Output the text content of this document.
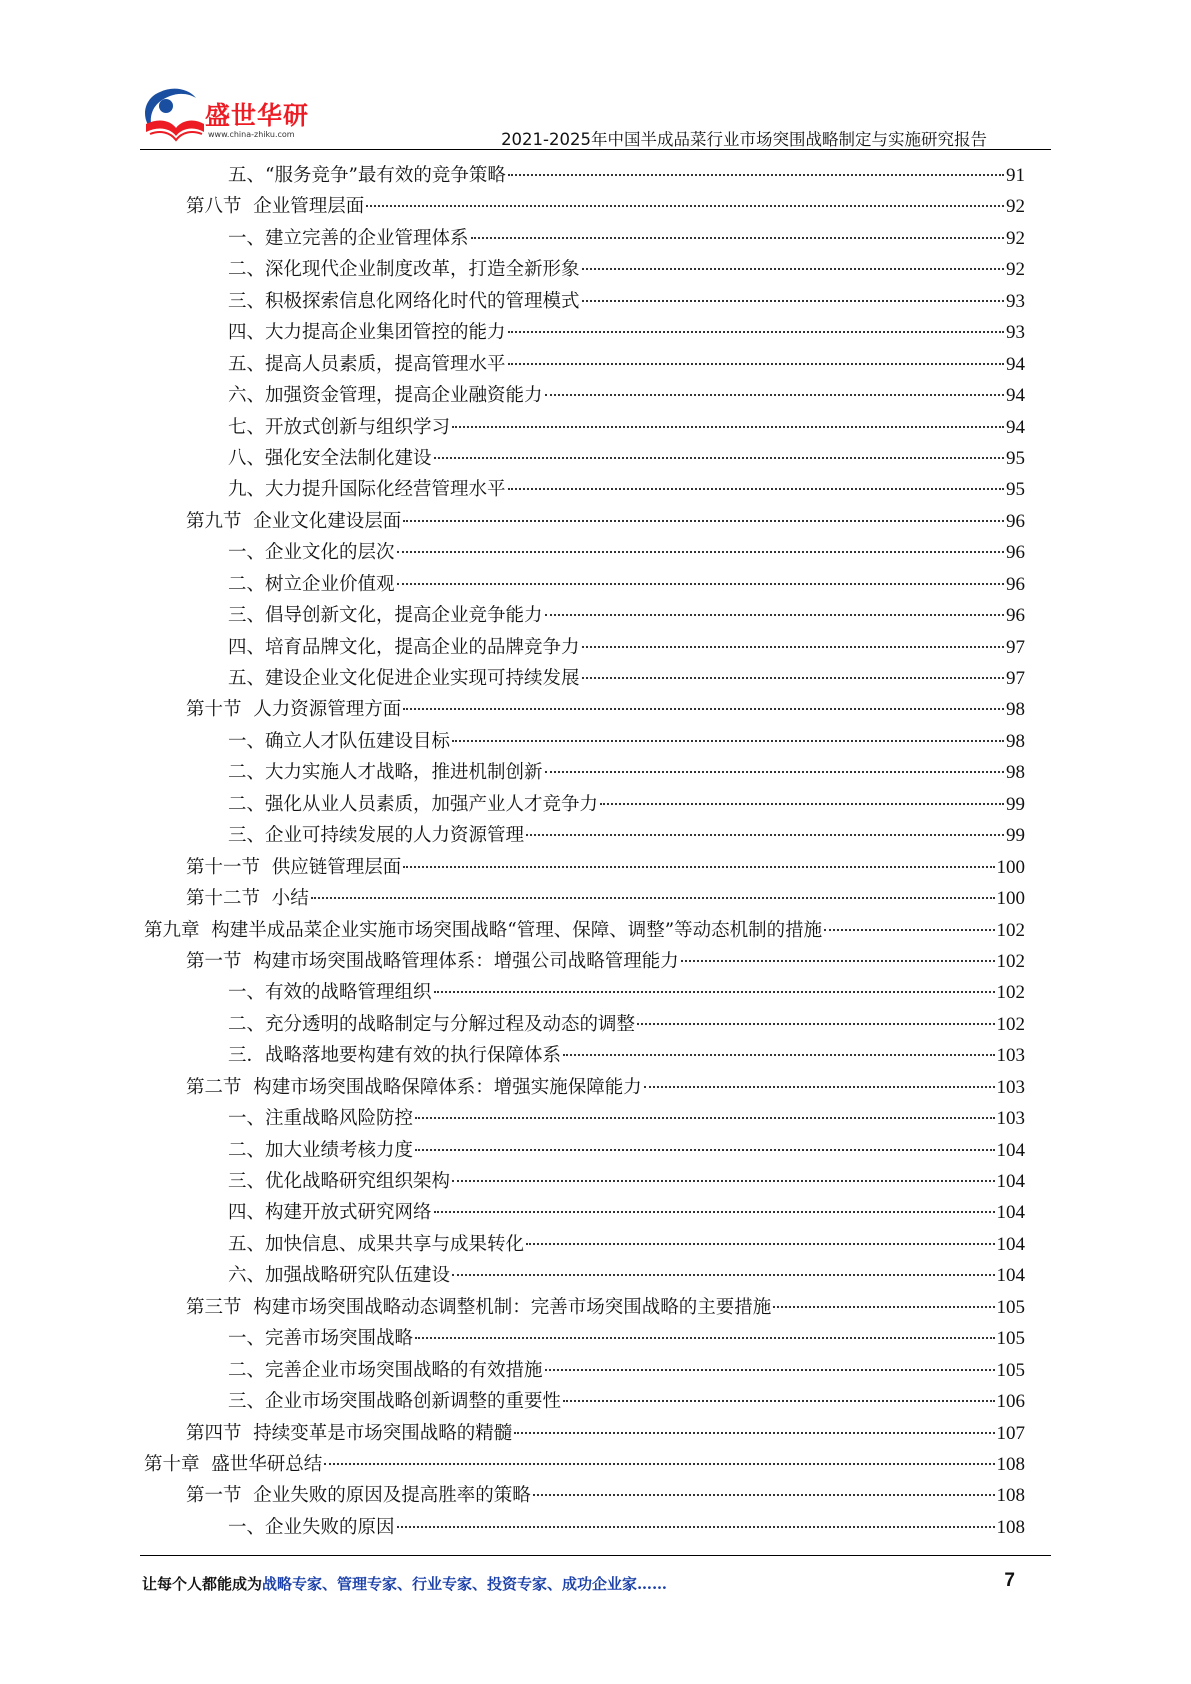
盛世华研
www.china-zhiku.com	2021-2025年中国半成品菜行业市场突围战略制定与实施研究报告
五、“服务竞争”最有效的竞争策略	91
第八节  企业管理层面	92
一、建立完善的企业管理体系	92
二、深化现代企业制度改革，打造全新形象	92
三、积极探索信息化网络化时代的管理模式	93
四、大力提高企业集团管控的能力	93
五、提高人员素质，提高管理水平	94
六、加强资金管理，提高企业融资能力	94
七、开放式创新与组织学习	94
八、强化安全法制化建设	95
九、大力提升国际化经营管理水平	95
第九节  企业文化建设层面	96
一、企业文化的层次	96
二、树立企业价值观	96
三、倡导创新文化，提高企业竞争能力	96
四、培育品牌文化，提高企业的品牌竞争力	97
五、建设企业文化促进企业实现可持续发展	97
第十节  人力资源管理方面	98
一、确立人才队伍建设目标	98
二、大力实施人才战略，推进机制创新	98
二、强化从业人员素质，加强产业人才竞争力	99
三、企业可持续发展的人力资源管理	99
第十一节  供应链管理层面	100
第十二节  小结	100
第九章  构建半成品菜企业实施市场突围战略“管理、保障、调整”等动态机制的措施	102
第一节  构建市场突围战略管理体系：增强公司战略管理能力	102
一、有效的战略管理组织	102
二、充分透明的战略制定与分解过程及动态的调整	102
三．战略落地要构建有效的执行保障体系	103
第二节  构建市场突围战略保障体系：增强实施保障能力	103
一、注重战略风险防控	103
二、加大业绩考核力度	104
三、优化战略研究组织架构	104
四、构建开放式研究网络	104
五、加快信息、成果共享与成果转化	104
六、加强战略研究队伍建设	104
第三节  构建市场突围战略动态调整机制：完善市场突围战略的主要措施	105
一、完善市场突围战略	105
二、完善企业市场突围战略的有效措施	105
三、企业市场突围战略创新调整的重要性	106
第四节  持续变革是市场突围战略的精髓	107
第十章  盛世华研总结	108
第一节  企业失败的原因及提高胜率的策略	108
一、企业失败的原因	108
让每个人都能成为战略专家、管理专家、行业专家、投资专家、成功企业家……	7
